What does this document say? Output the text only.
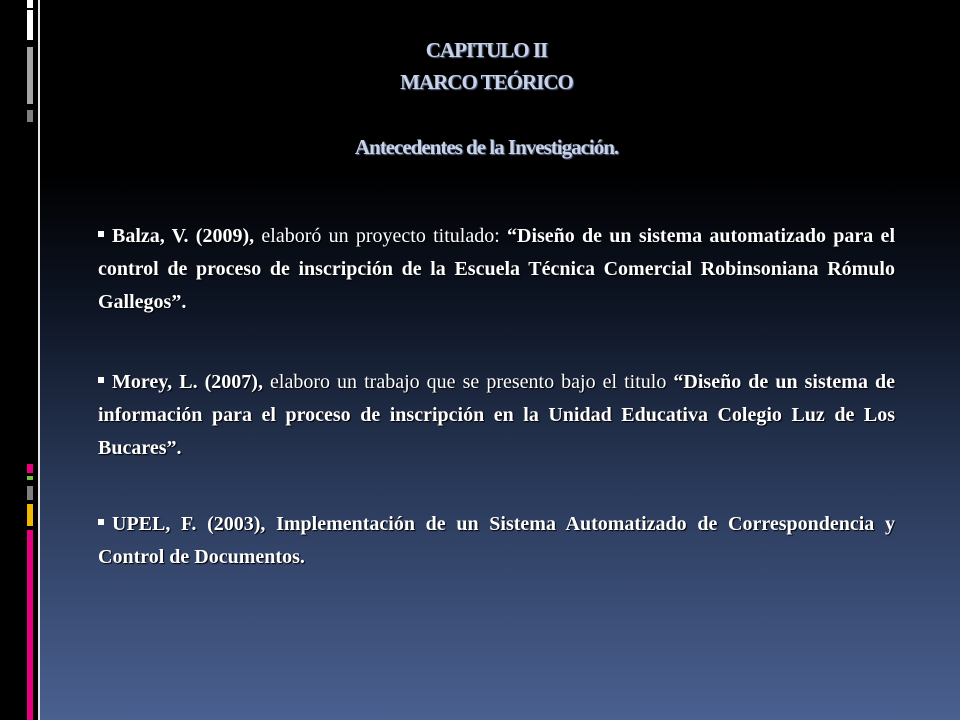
CAPITULO II
MARCO TEÓRICO
Antecedentes de la Investigación.
Balza, V. (2009), elaboró un proyecto titulado: “Diseño de un sistema automatizado para el control de proceso de inscripción de la Escuela Técnica Comercial Robinsoniana Rómulo Gallegos”.
Morey, L. (2007), elaboro un trabajo que se presento bajo el titulo “Diseño de un sistema de información para el proceso de inscripción en la Unidad Educativa Colegio Luz de Los Bucares”.
UPEL, F. (2003), Implementación de un Sistema Automatizado de Correspondencia y Control de Documentos.
